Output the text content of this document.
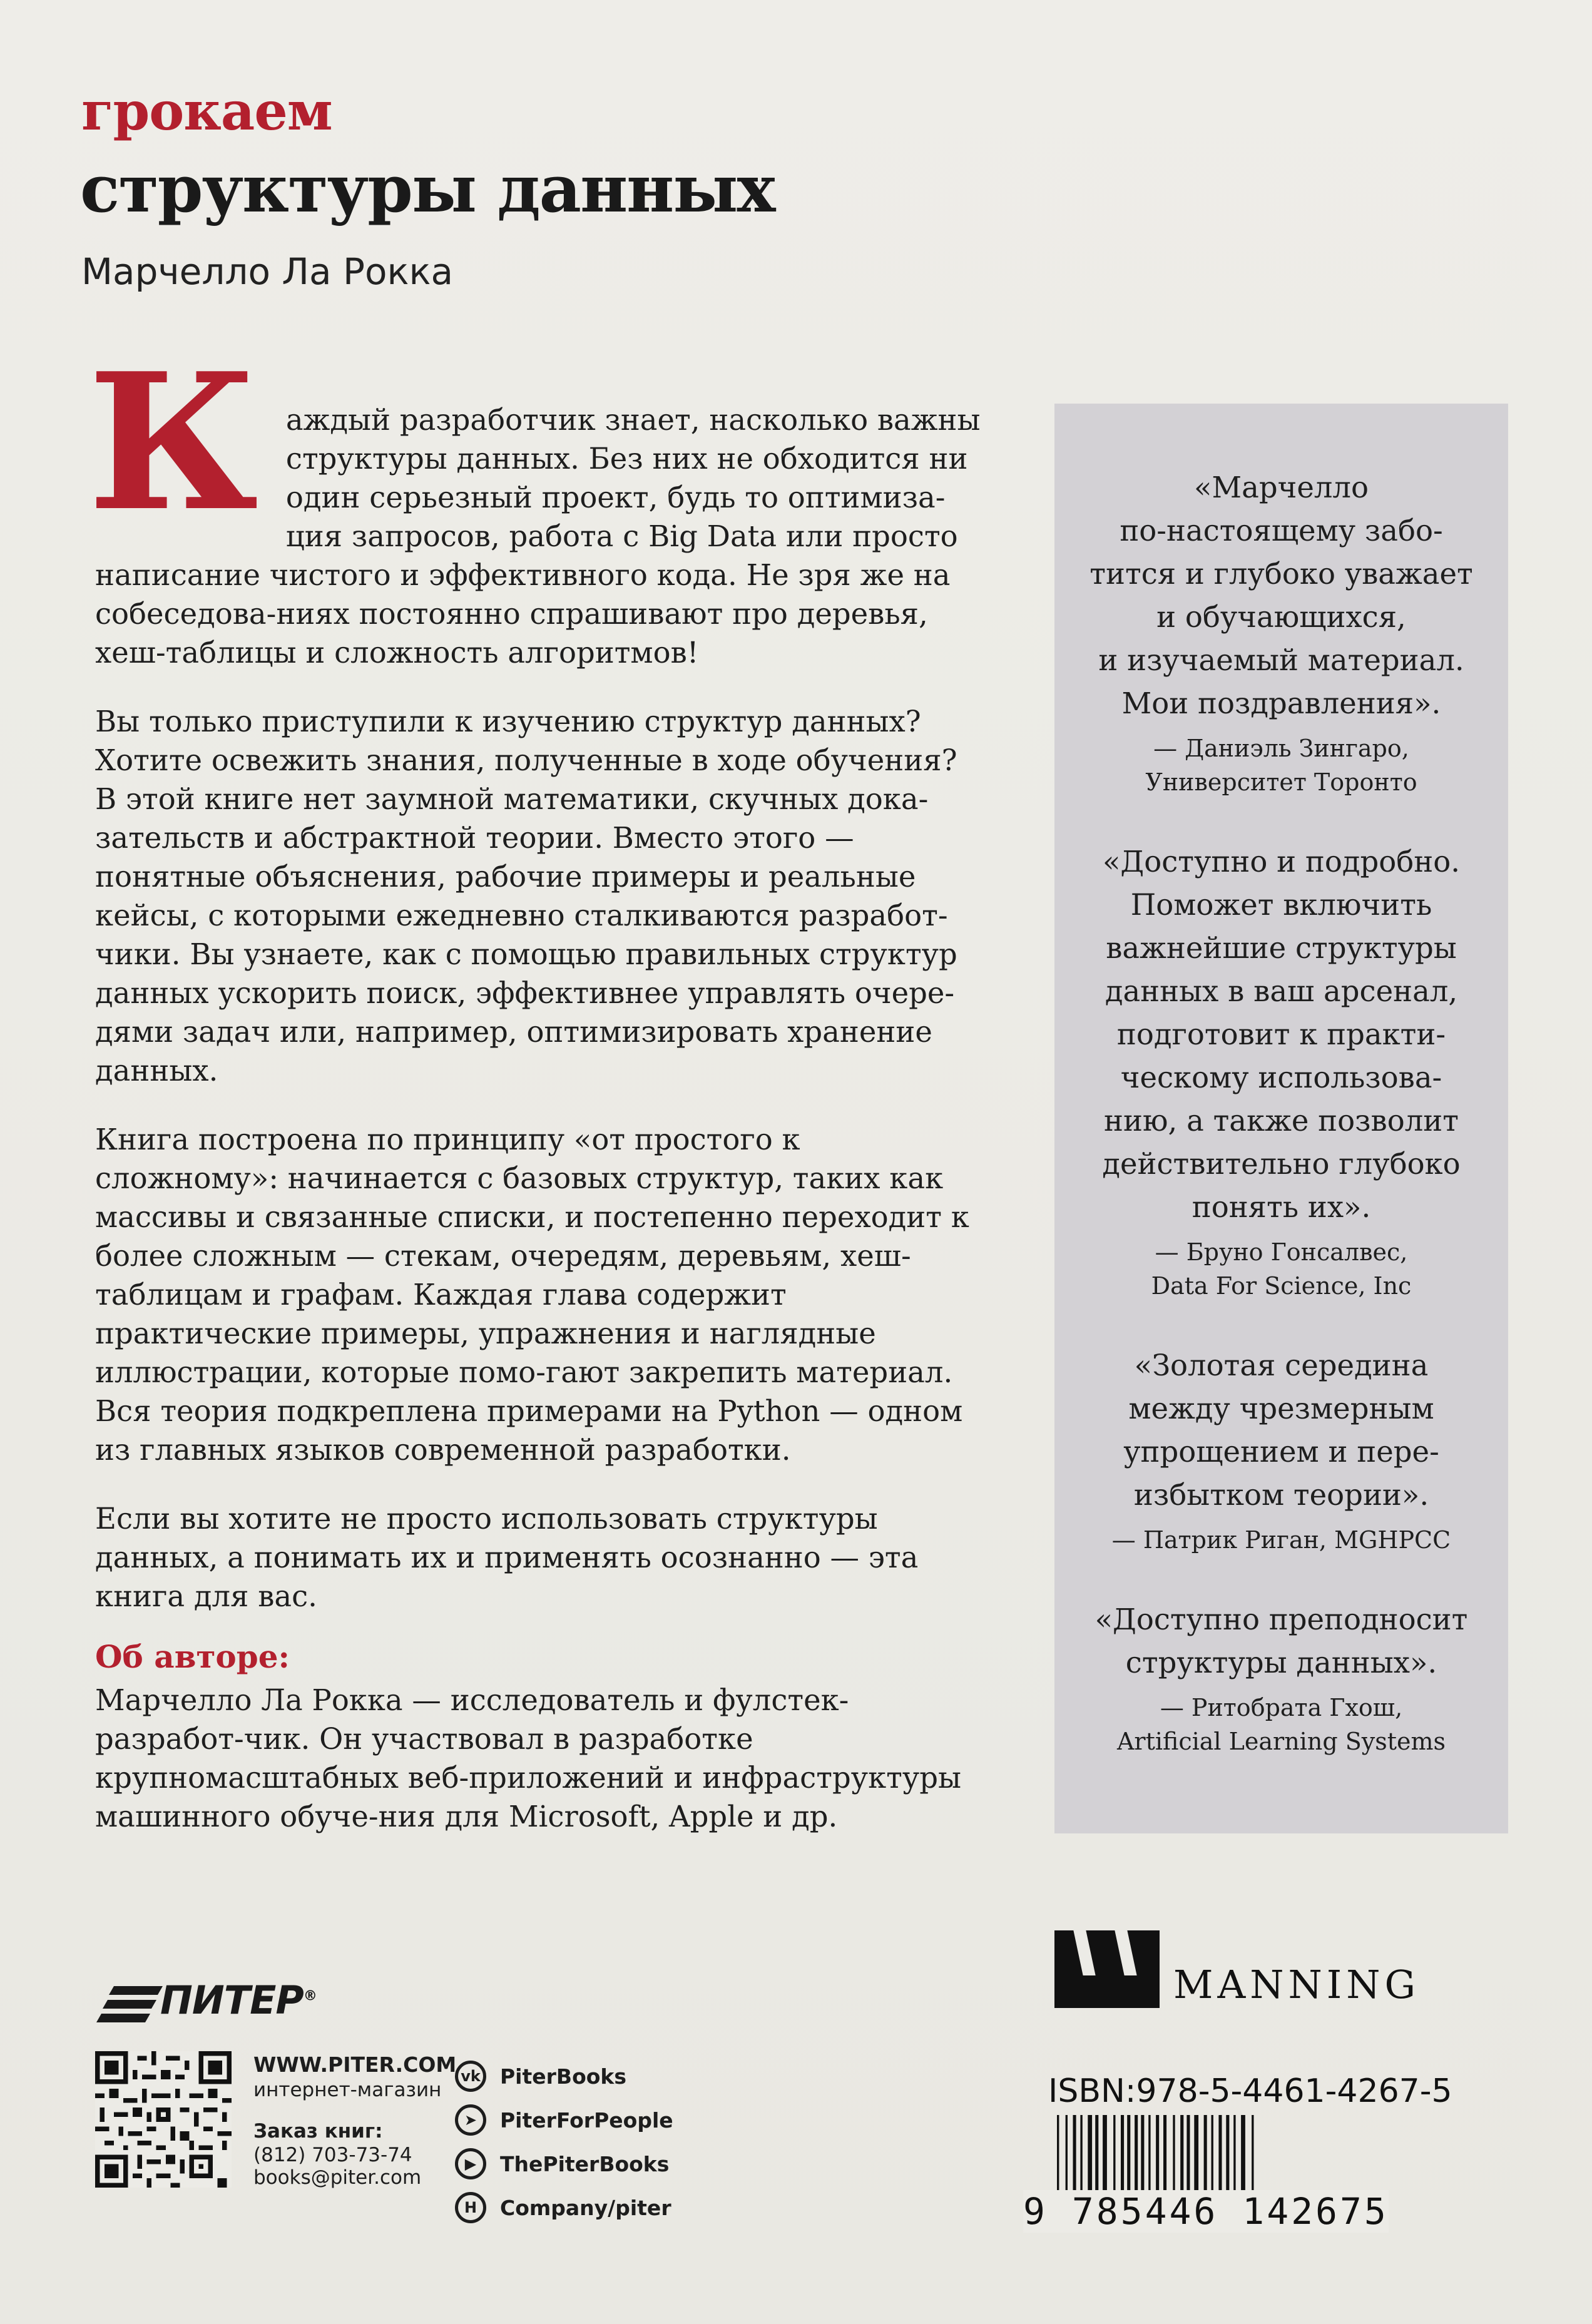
грокаем
структуры данных
Марчелло Ла Рокка

Каждый разработчик знает, насколько важны структуры данных. Без них не обходится ни один серьезный проект, будь то оптимиза-ция запросов, работа с Big Data или просто написание чистого и эффективного кода. Не зря же на собеседова-ниях постоянно спрашивают про деревья, хеш-таблицы и сложность алгоритмов!

Вы только приступили к изучению структур данных? Хотите освежить знания, полученные в ходе обучения? В этой книге нет заумной математики, скучных дока-зательств и абстрактной теории. Вместо этого — понятные объяснения, рабочие примеры и реальные кейсы, с которыми ежедневно сталкиваются разработ-чики. Вы узнаете, как с помощью правильных структур данных ускорить поиск, эффективнее управлять очере-дями задач или, например, оптимизировать хранение данных.

Книга построена по принципу «от простого к сложному»: начинается с базовых структур, таких как массивы и связанные списки, и постепенно переходит к более сложным — стекам, очередям, деревьям, хеш-таблицам и графам. Каждая глава содержит практичеcкие примеры, упражнения и наглядные иллюстрации, которые помо-гают закрепить материал. Вся теория подкреплена примерами на Python — одном из главных языков современной разработки.

Если вы хотите не просто использовать структуры данных, а понимать их и применять осознанно — эта книга для вас.

Об авторе:

Марчелло Ла Рокка — исследователь и фулстек-разработ-чик. Он участвовал в разработке крупномасштабных веб-приложений и инфраструктуры машинного обуче-ния для Microsoft, Apple и др.

«Марчелло
по-настоящему забо-
тится и глубоко уважает
и обучающихся,
и изучаемый материал.
Мои поздравления».

— Даниэль Зингаро,
Университет Торонто

«Доступно и подробно.
Поможет включить
важнейшие структуры
данных в ваш арсенал,
подготовит к практи-
ческому использова-
нию, а также позволит
действительно глубоко
понять их».

— Бруно Гонсалвес,
Data For Science, Inc

«Золотая середина
между чрезмерным
упрощением и пере-
избытком теории».

— Патрик Риган, MGHPCC

«Доступно преподносит
структуры данных».

— Ритобрата Гхош,
Artificial Learning Systems

ПИТЕР®
WWW.PITER.COM
интернет-магазин
Заказ книг:
(812) 703-73-74
books@piter.com
vk PiterBooks
➤	PiterForPeople
▶	ThePiterBooks
H	Company/piter
MANNING
ISBN:978-5-4461-4267-5
9 785446 142675
